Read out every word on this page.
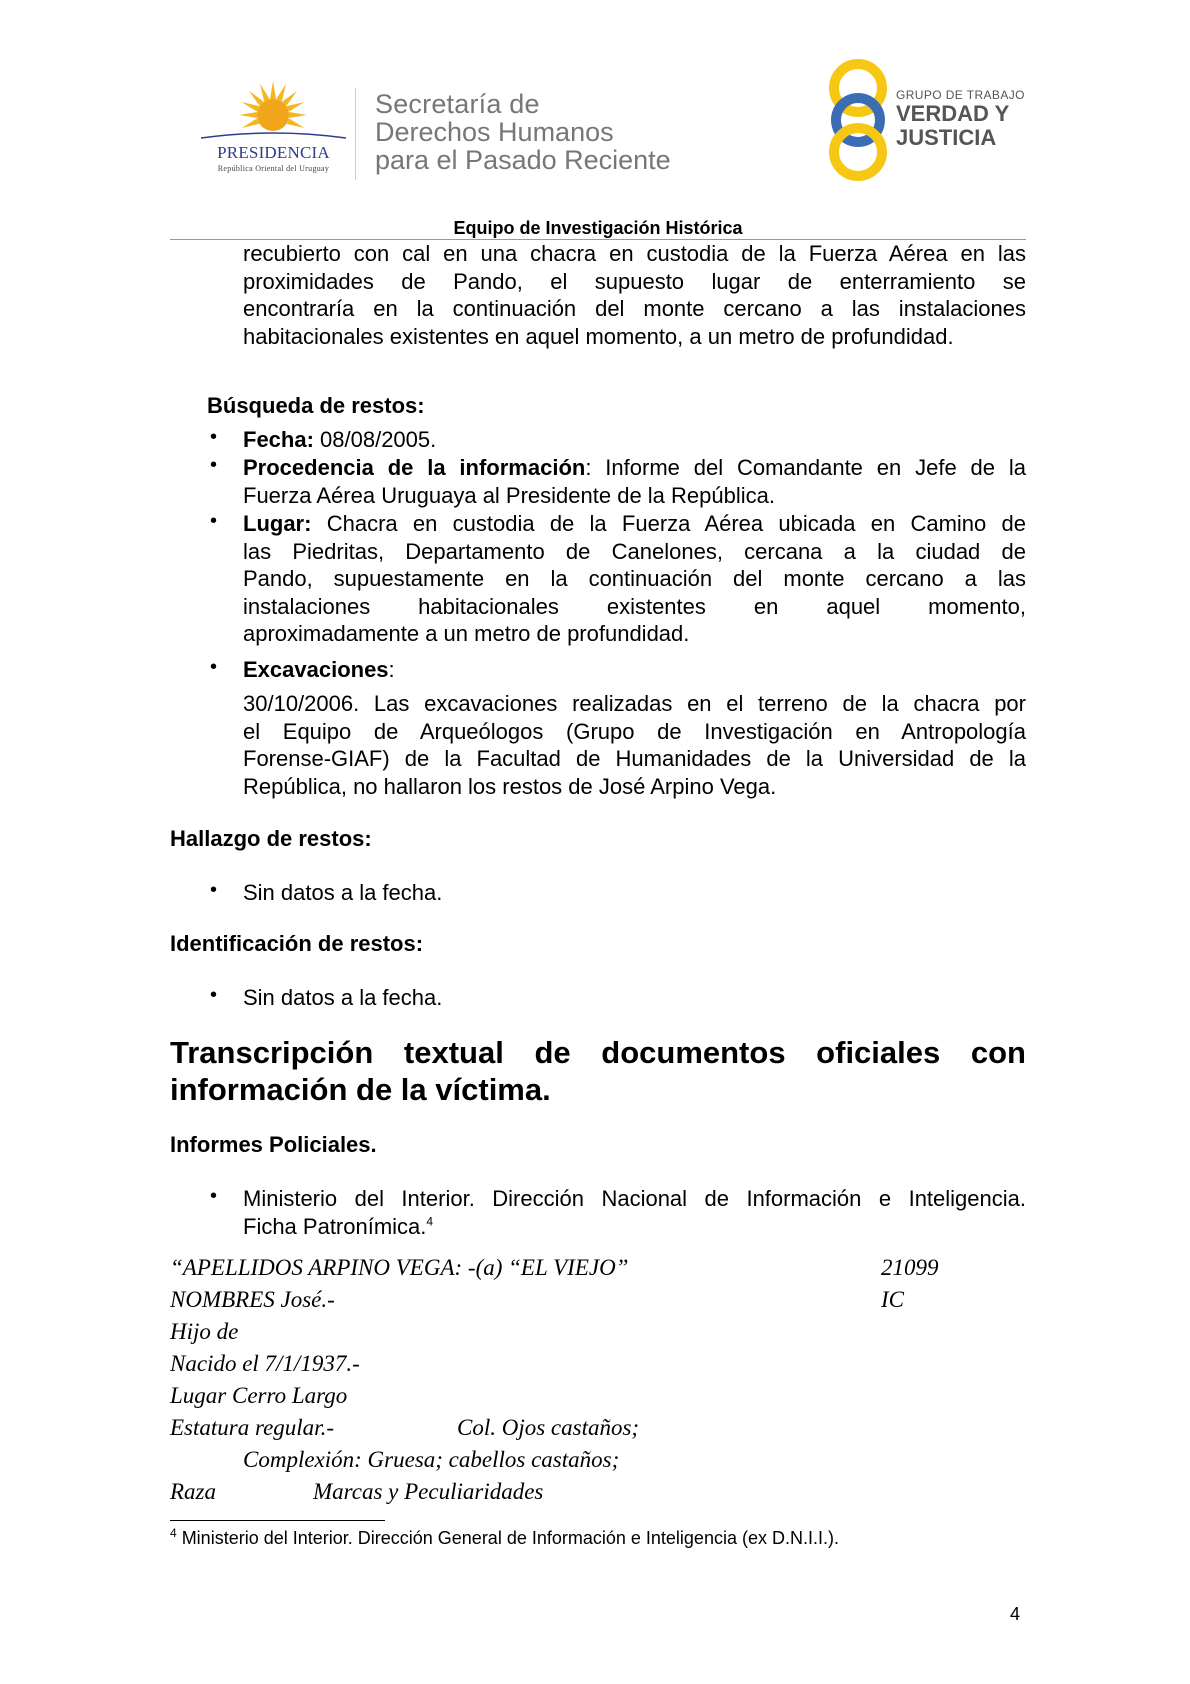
PRESIDENCIA
República Oriental del Uruguay
Secretaría de
Derechos Humanos
para el Pasado Reciente
GRUPO DE TRABAJO
VERDAD Y
JUSTICIA
Equipo de Investigación Histórica
recubierto con cal en una chacra en custodia de la Fuerza Aérea en las
proximidades de Pando, el supuesto lugar de enterramiento se
encontraría en la continuación del monte cercano a las instalaciones
habitacionales existentes en aquel momento, a un metro de profundidad.
Búsqueda de restos:
• Fecha: 08/08/2005.
• Procedencia de la información: Informe del Comandante en Jefe de la
Fuerza Aérea Uruguaya al Presidente de la República.
• Lugar: Chacra en custodia de la Fuerza Aérea ubicada en Camino de
las Piedritas, Departamento de Canelones, cercana a la ciudad de
Pando, supuestamente en la continuación del monte cercano a las
instalaciones habitacionales existentes en aquel momento,
aproximadamente a un metro de profundidad.
• Excavaciones:
30/10/2006. Las excavaciones realizadas en el terreno de la chacra por
el Equipo de Arqueólogos (Grupo de Investigación en Antropología
Forense-GIAF) de la Facultad de Humanidades de la Universidad de la
República, no hallaron los restos de José Arpino Vega.
Hallazgo de restos:
• Sin datos a la fecha.
Identificación de restos:
• Sin datos a la fecha.
Transcripción textual de documentos oficiales con
información de la víctima.
Informes Policiales.
• Ministerio del Interior. Dirección Nacional de Información e Inteligencia.
Ficha Patronímica.$^4$
“APELLIDOS ARPINO VEGA: -(a) “EL VIEJO”	21099
NOMBRES José.-	IC
Hijo de
Nacido el 7/1/1937.-
Lugar Cerro Largo
Estatura regular.-	Col. Ojos castaños;
Complexión: Gruesa; cabellos castaños;
Raza	Marcas y Peculiaridades
$^4$ Ministerio del Interior. Dirección General de Información e Inteligencia (ex D.N.I.I.).
4
